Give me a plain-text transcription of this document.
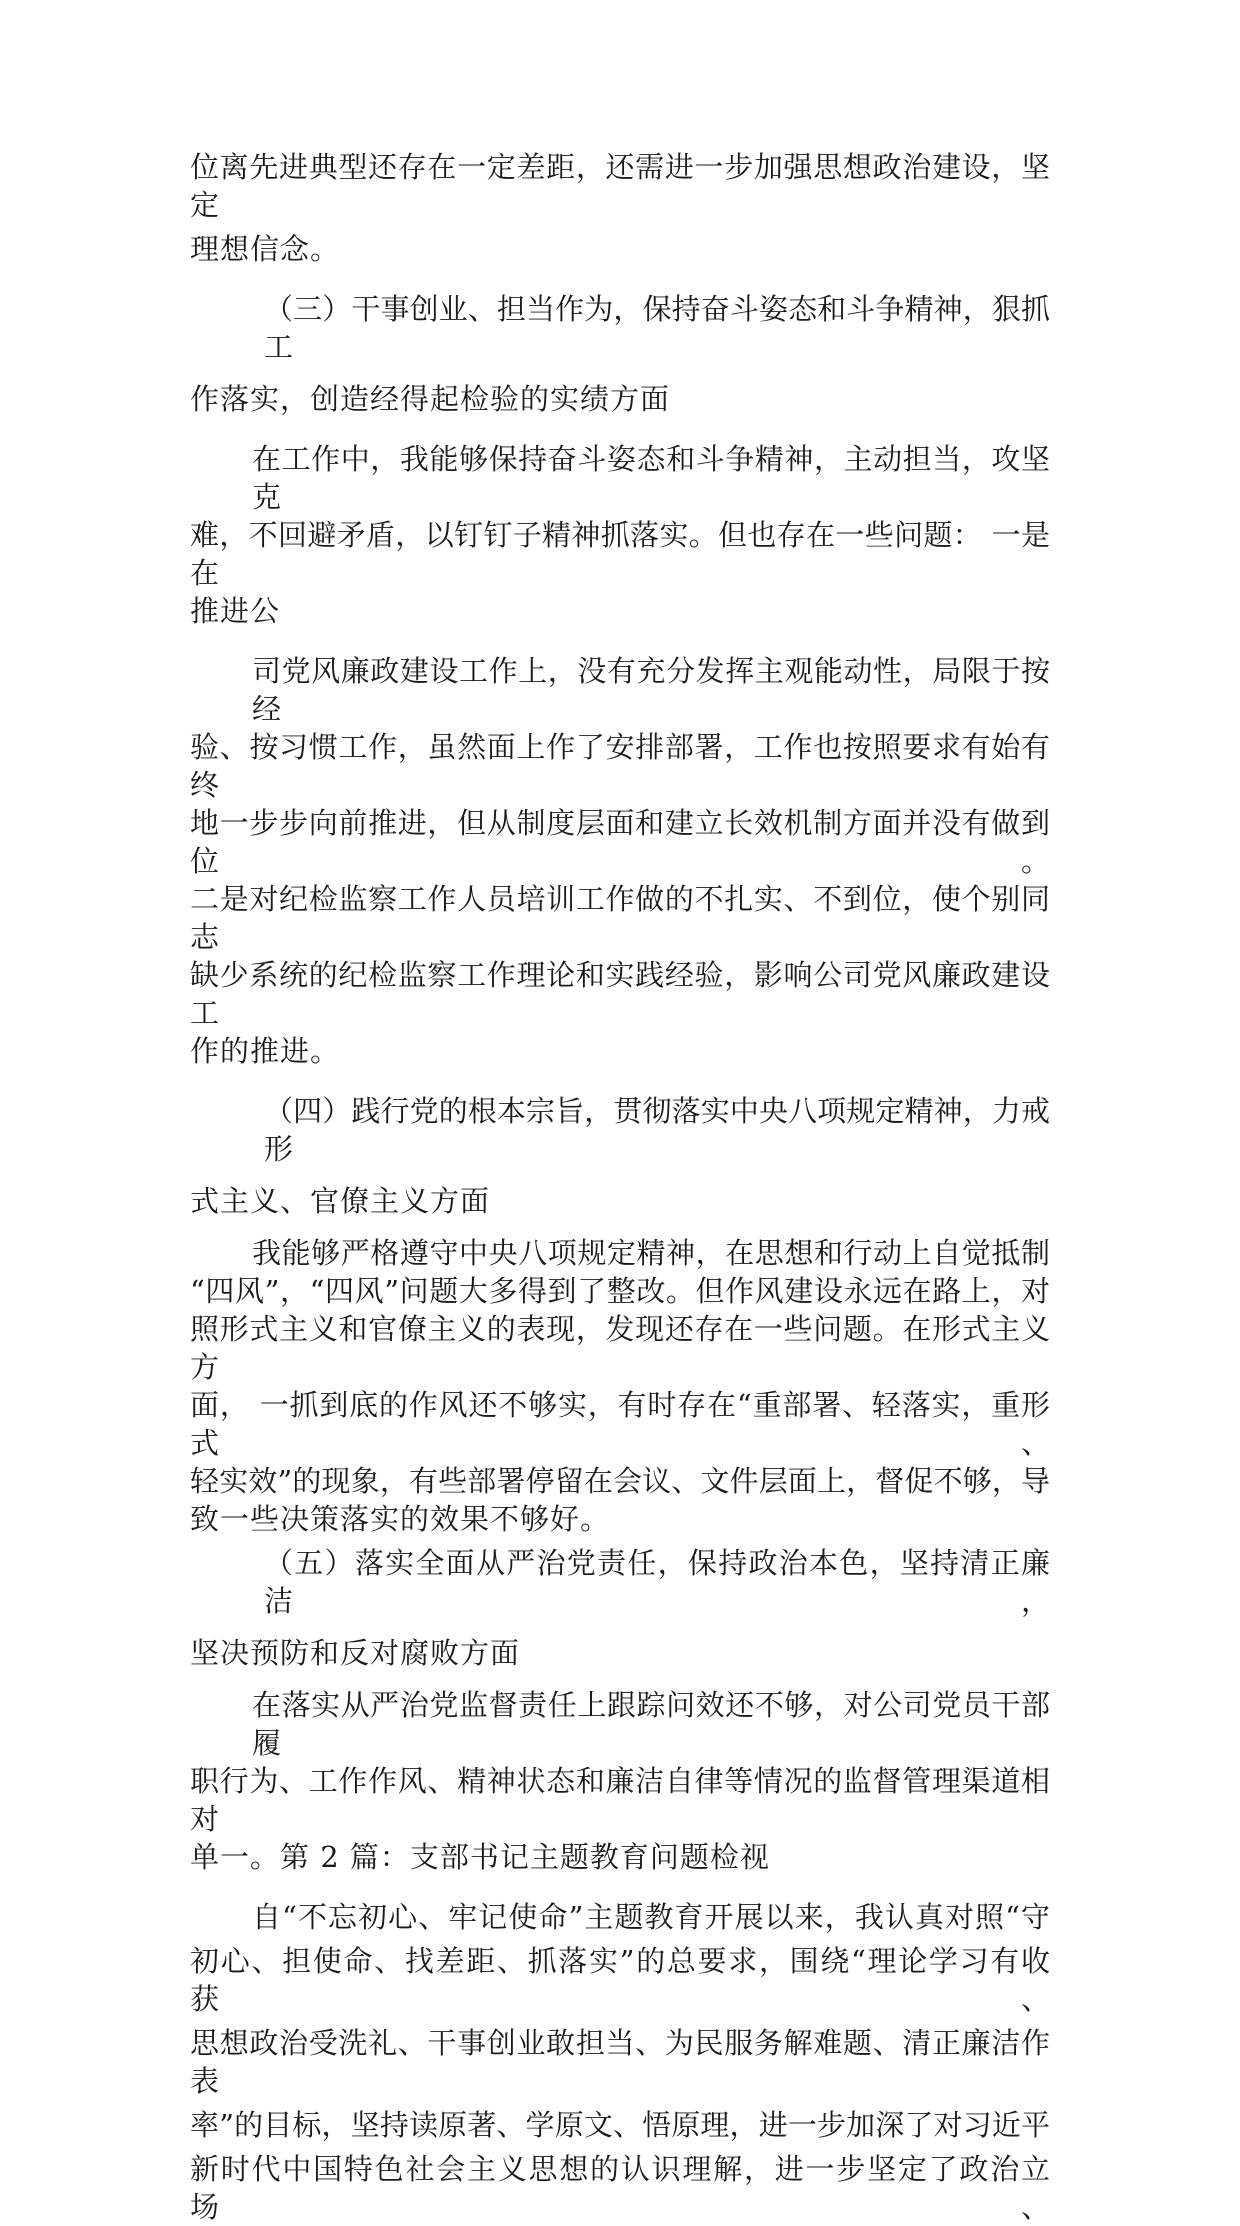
位离先进典型还存在一定差距，还需进一步加强思想政治建设，坚定

理想信念。

（三）干事创业、担当作为，保持奋斗姿态和斗争精神，狠抓工

作落实，创造经得起检验的实绩方面

在工作中，我能够保持奋斗姿态和斗争精神，主动担当，攻坚克

难，不回避矛盾，以钉钉子精神抓落实。但也存在一些问题： 一是在

推进公

司党风廉政建设工作上，没有充分发挥主观能动性，局限于按经

验、按习惯工作，虽然面上作了安排部署，工作也按照要求有始有终

地一步步向前推进，但从制度层面和建立长效机制方面并没有做到位。

二是对纪检监察工作人员培训工作做的不扎实、不到位，使个别同志

缺少系统的纪检监察工作理论和实践经验，影响公司党风廉政建设工

作的推进。

（四）践行党的根本宗旨，贯彻落实中央八项规定精神，力戒形

式主义、官僚主义方面

我能够严格遵守中央八项规定精神，在思想和行动上自觉抵制

“四风”，“四风”问题大多得到了整改。但作风建设永远在路上，对

照形式主义和官僚主义的表现，发现还存在一些问题。在形式主义方

面， 一抓到底的作风还不够实，有时存在“重部署、轻落实，重形式、

轻实效”的现象，有些部署停留在会议、文件层面上，督促不够，导

致一些决策落实的效果不够好。

（五）落实全面从严治党责任，保持政治本色，坚持清正廉洁，

坚决预防和反对腐败方面

在落实从严治党监督责任上跟踪问效还不够，对公司党员干部履

职行为、工作作风、精神状态和廉洁自律等情况的监督管理渠道相对

单一。第 2 篇：支部书记主题教育问题检视

自“不忘初心、牢记使命”主题教育开展以来，我认真对照“守

初心、担使命、找差距、抓落实”的总要求，围绕“理论学习有收获、

思想政治受洗礼、干事创业敢担当、为民服务解难题、清正廉洁作表

率”的目标，坚持读原著、学原文、悟原理，进一步加深了对习近平

新时代中国特色社会主义思想的认识理解，进一步坚定了政治立场、
